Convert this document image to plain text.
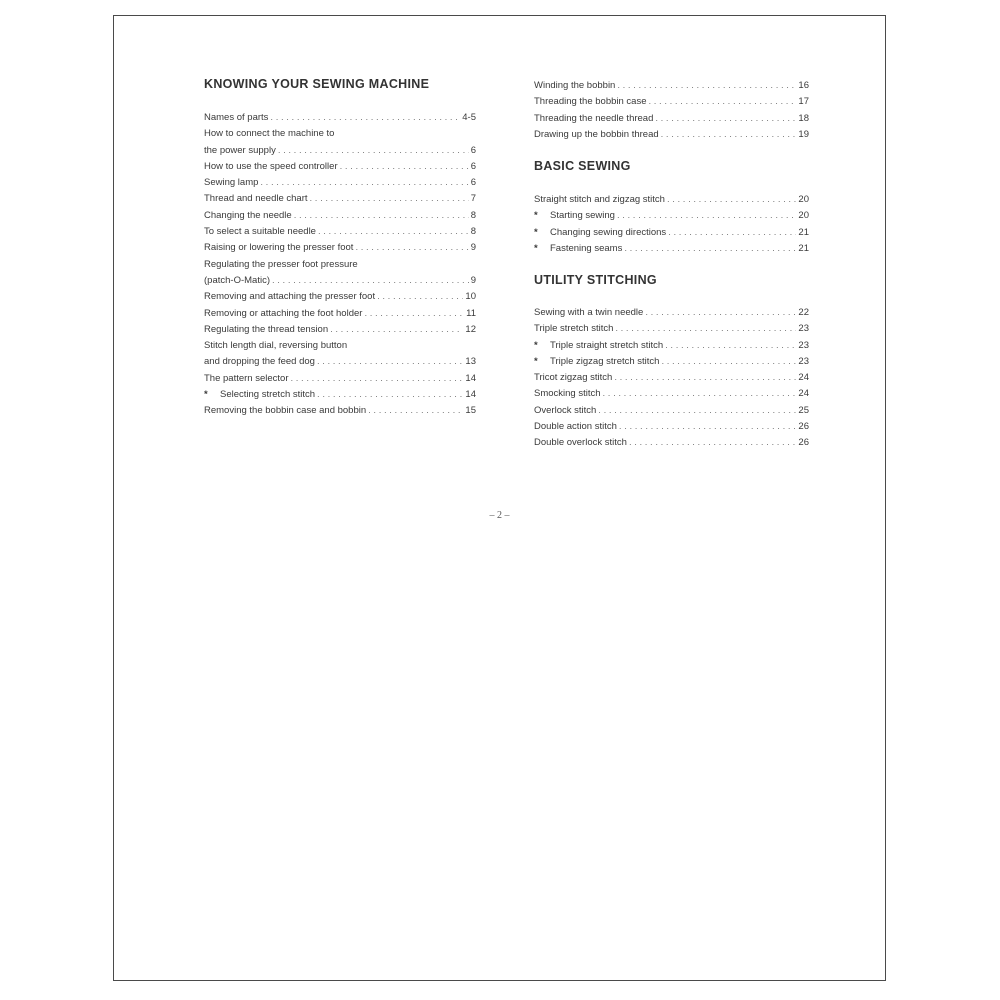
KNOWING YOUR SEWING MACHINE
Names of parts . . .	4-5
How to connect the machine to
the power supply . . .	6
How to use the speed controller . . .	6
Sewing lamp . . .	6
Thread and needle chart . . .	7
Changing the needle . . .	8
To select a suitable needle . . .	8
Raising or lowering the presser foot . . .	9
Regulating the presser foot pressure
(patch-O-Matic) . . .	9
Removing and attaching the presser foot . . .	10
Removing or attaching the foot holder . . .	11
Regulating the thread tension . . .	12
Stitch length dial, reversing button
and dropping the feed dog . . .	13
The pattern selector . . .	14
* Selecting stretch stitch . . .	14
Removing the bobbin case and bobbin . . .	15
Winding the bobbin . . .	16
Threading the bobbin case . . .	17
Threading the needle thread . . .	18
Drawing up the bobbin thread . . .	19
BASIC SEWING
Straight stitch and zigzag stitch . . .	20
* Starting sewing . . .	20
* Changing sewing directions . . .	21
* Fastening seams . . .	21
UTILITY STITCHING
Sewing with a twin needle . . .	22
Triple stretch stitch . . .	23
* Triple straight stretch stitch . . .	23
* Triple zigzag stretch stitch . . .	23
Tricot zigzag stitch . . .	24
Smocking stitch . . .	24
Overlock stitch . . .	25
Double action stitch . . .	26
Double overlock stitch . . .	26
– 2 –
